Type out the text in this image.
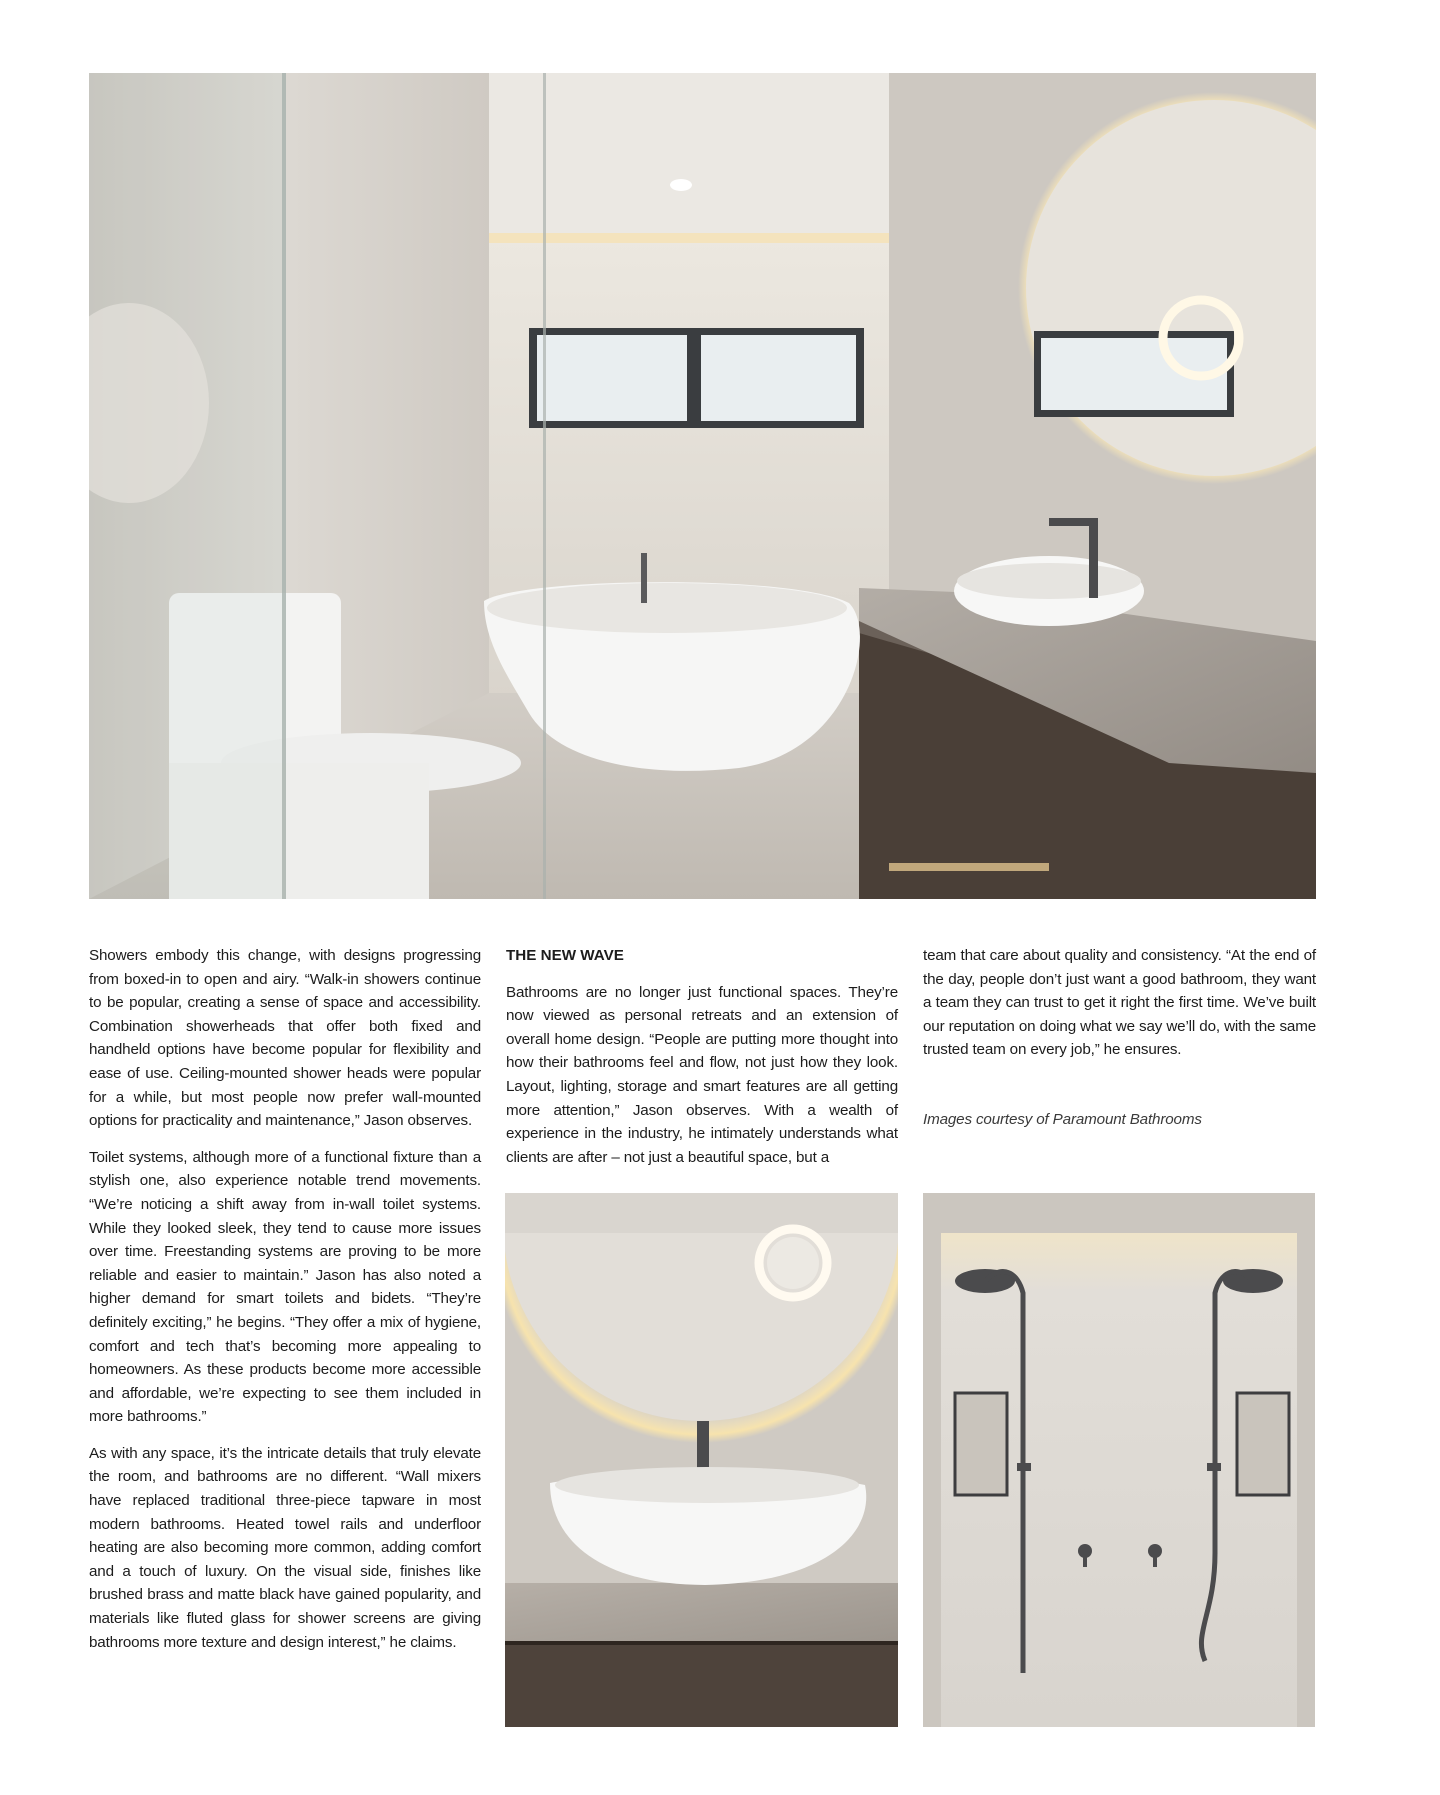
Showers embody this change, with designs progressing from boxed-in to open and airy. “Walk-in showers continue to be popular, creating a sense of space and accessibility. Combination showerheads that offer both fixed and handheld options have become popular for flexibility and ease of use. Ceiling-mounted shower heads were popular for a while, but most people now prefer wall-mounted options for practicality and maintenance,” Jason observes.

Toilet systems, although more of a functional fixture than a stylish one, also experience notable trend movements. “We’re noticing a shift away from in-wall toilet systems. While they looked sleek, they tend to cause more issues over time. Freestanding systems are proving to be more reliable and easier to maintain.” Jason has also noted a higher demand for smart toilets and bidets. “They’re definitely exciting,” he begins. “They offer a mix of hygiene, comfort and tech that’s becoming more appealing to homeowners. As these products become more accessible and affordable, we’re expecting to see them included in more bathrooms.”

As with any space, it’s the intricate details that truly elevate the room, and bathrooms are no different. “Wall mixers have replaced traditional three-piece tapware in most modern bathrooms. Heated towel rails and underfloor heating are also becoming more common, adding comfort and a touch of luxury. On the visual side, finishes like brushed brass and matte black have gained popularity, and materials like fluted glass for shower screens are giving bathrooms more texture and design interest,” he claims.

THE NEW WAVE

Bathrooms are no longer just functional spaces. They’re now viewed as personal retreats and an extension of overall home design. “People are putting more thought into how their bathrooms feel and flow, not just how they look. Layout, lighting, storage and smart features are all getting more attention,” Jason observes. With a wealth of experience in the industry, he intimately understands what clients are after – not just a beautiful space, but a

team that care about quality and consistency. “At the end of the day, people don’t just want a good bathroom, they want a team they can trust to get it right the first time. We’ve built our reputation on doing what we say we’ll do, with the same trusted team on every job,” he ensures.

Images courtesy of Paramount Bathrooms
